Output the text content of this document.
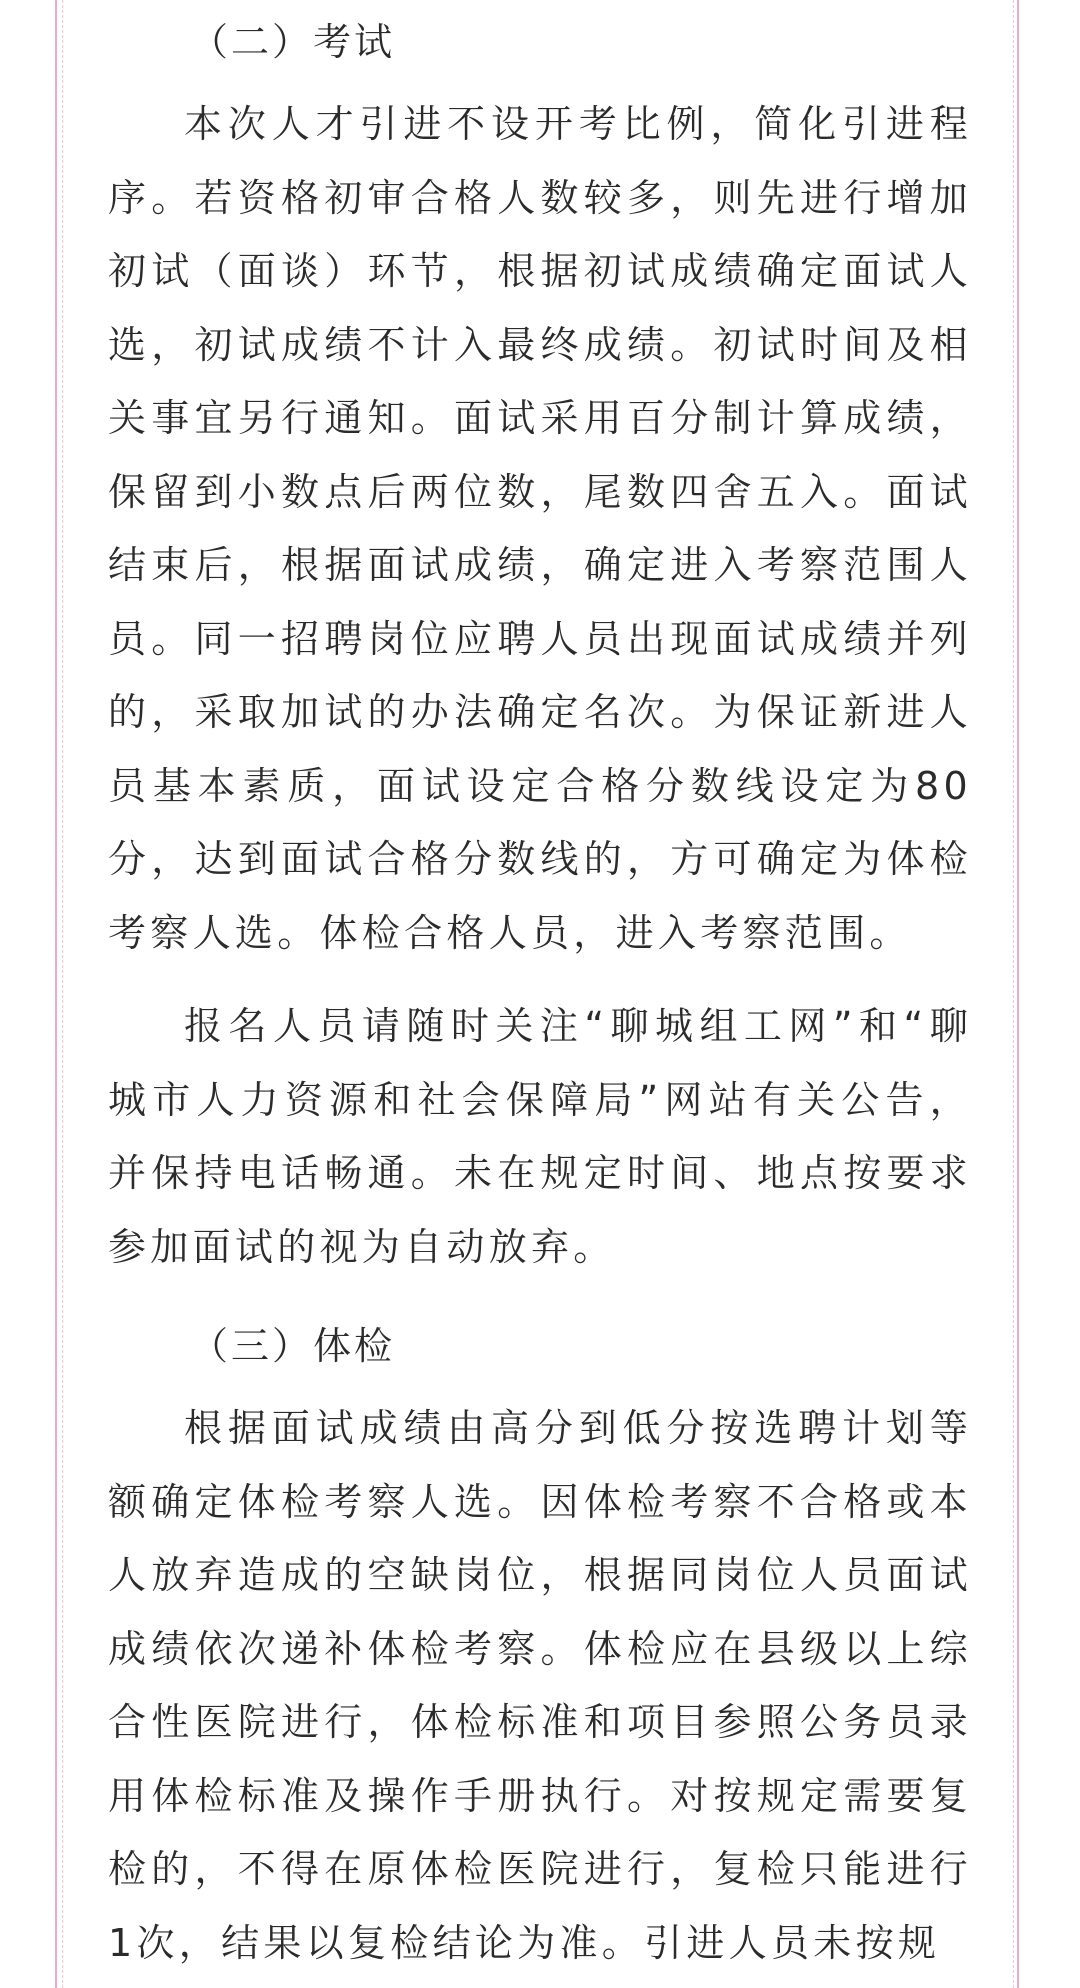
（二）考试

本次人才引进不设开考比例，简化引进程序。若资格初审合格人数较多，则先进行增加初试（面谈）环节，根据初试成绩确定面试人选，初试成绩不计入最终成绩。初试时间及相关事宜另行通知。面试采用百分制计算成绩，保留到小数点后两位数，尾数四舍五入。面试结束后，根据面试成绩，确定进入考察范围人员。同一招聘岗位应聘人员出现面试成绩并列的，采取加试的办法确定名次。为保证新进人员基本素质，面试设定合格分数线设定为80分，达到面试合格分数线的，方可确定为体检考察人选。体检合格人员，进入考察范围。

报名人员请随时关注“聊城组工网”和“聊城市人力资源和社会保障局”网站有关公告，并保持电话畅通。未在规定时间、地点按要求参加面试的视为自动放弃。

（三）体检

根据面试成绩由高分到低分按选聘计划等额确定体检考察人选。因体检考察不合格或本人放弃造成的空缺岗位，根据同岗位人员面试成绩依次递补体检考察。体检应在县级以上综合性医院进行，体检标准和项目参照公务员录用体检标准及操作手册执行。对按规定需要复检的，不得在原体检医院进行，复检只能进行1次，结果以复检结论为准。引进人员未按规
